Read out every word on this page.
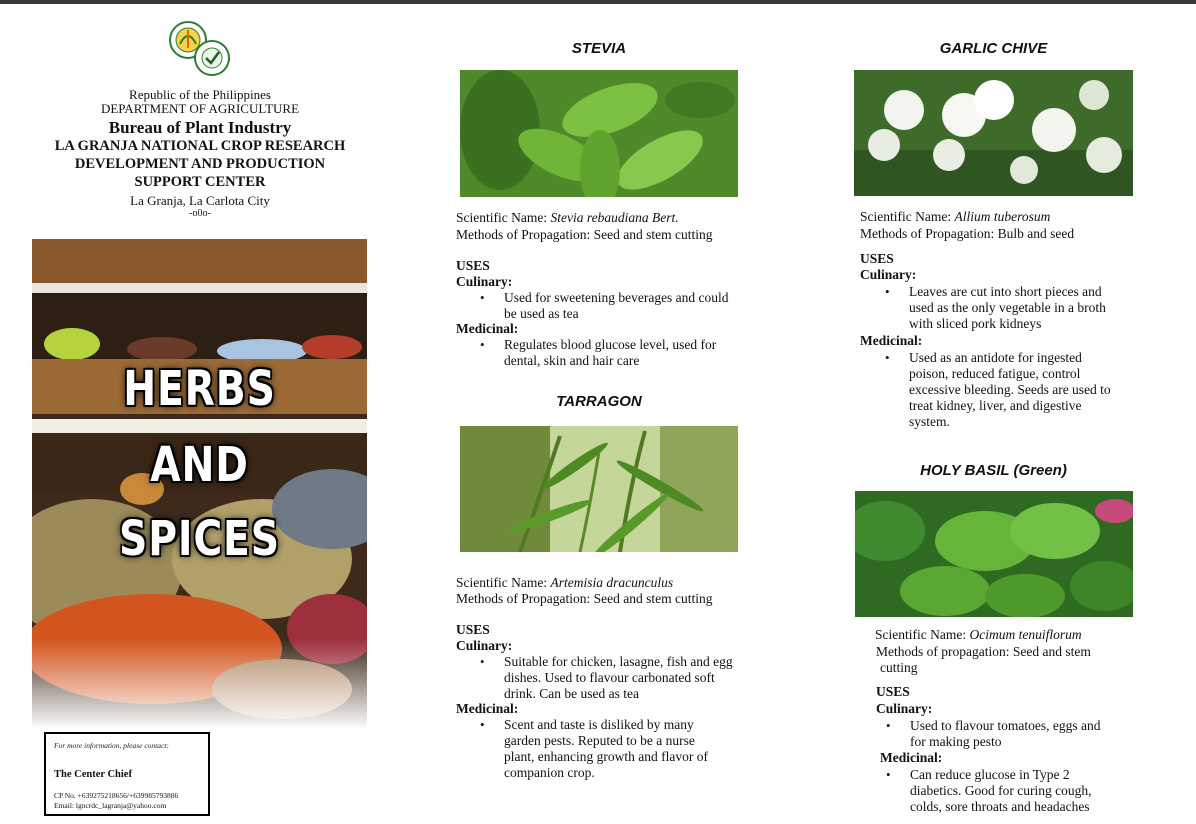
Republic of the Philippines

DEPARTMENT OF AGRICULTURE

Bureau of Plant Industry

LA GRANJA NATIONAL CROP RESEARCH

DEVELOPMENT AND PRODUCTION

SUPPORT CENTER

La Granja, La Carlota City

-o0o-

HERBS
AND
SPICES
For more information, please contact:
The Center Chief
CP No. +639275218656/+639985793886
Email: lgncrdc_lagranja@yahoo.com
STEVIA
Scientific Name: Stevia rebaudiana Bert.
Methods of Propagation: Seed and stem cutting
USES
Culinary:
• Used for sweetening beverages and could
be used as tea
Medicinal:
• Regulates blood glucose level, used for
dental, skin and hair care
TARRAGON
Scientific Name: Artemisia dracunculus
Methods of Propagation: Seed and stem cutting
USES
Culinary:
• Suitable for chicken, lasagne, fish and egg
dishes. Used to flavour carbonated soft
drink. Can be used as tea
Medicinal:
• Scent and taste is disliked by many
garden pests. Reputed to be a nurse
plant, enhancing growth and flavor of
companion crop.
GARLIC CHIVE
Scientific Name: Allium tuberosum
Methods of Propagation: Bulb and seed
USES
Culinary:
• Leaves are cut into short pieces and
used as the only vegetable in a broth
with sliced pork kidneys
Medicinal:
• Used as an antidote for ingested
poison, reduced fatigue, control
excessive bleeding. Seeds are used to
treat kidney, liver, and digestive
system.
HOLY BASIL (Green)
Scientific Name: Ocimum tenuiflorum
Methods of propagation: Seed and stem
cutting
USES
Culinary:
• Used to flavour tomatoes, eggs and
for making pesto
Medicinal:
• Can reduce glucose in Type 2
diabetics. Good for curing cough,
colds, sore throats and headaches
